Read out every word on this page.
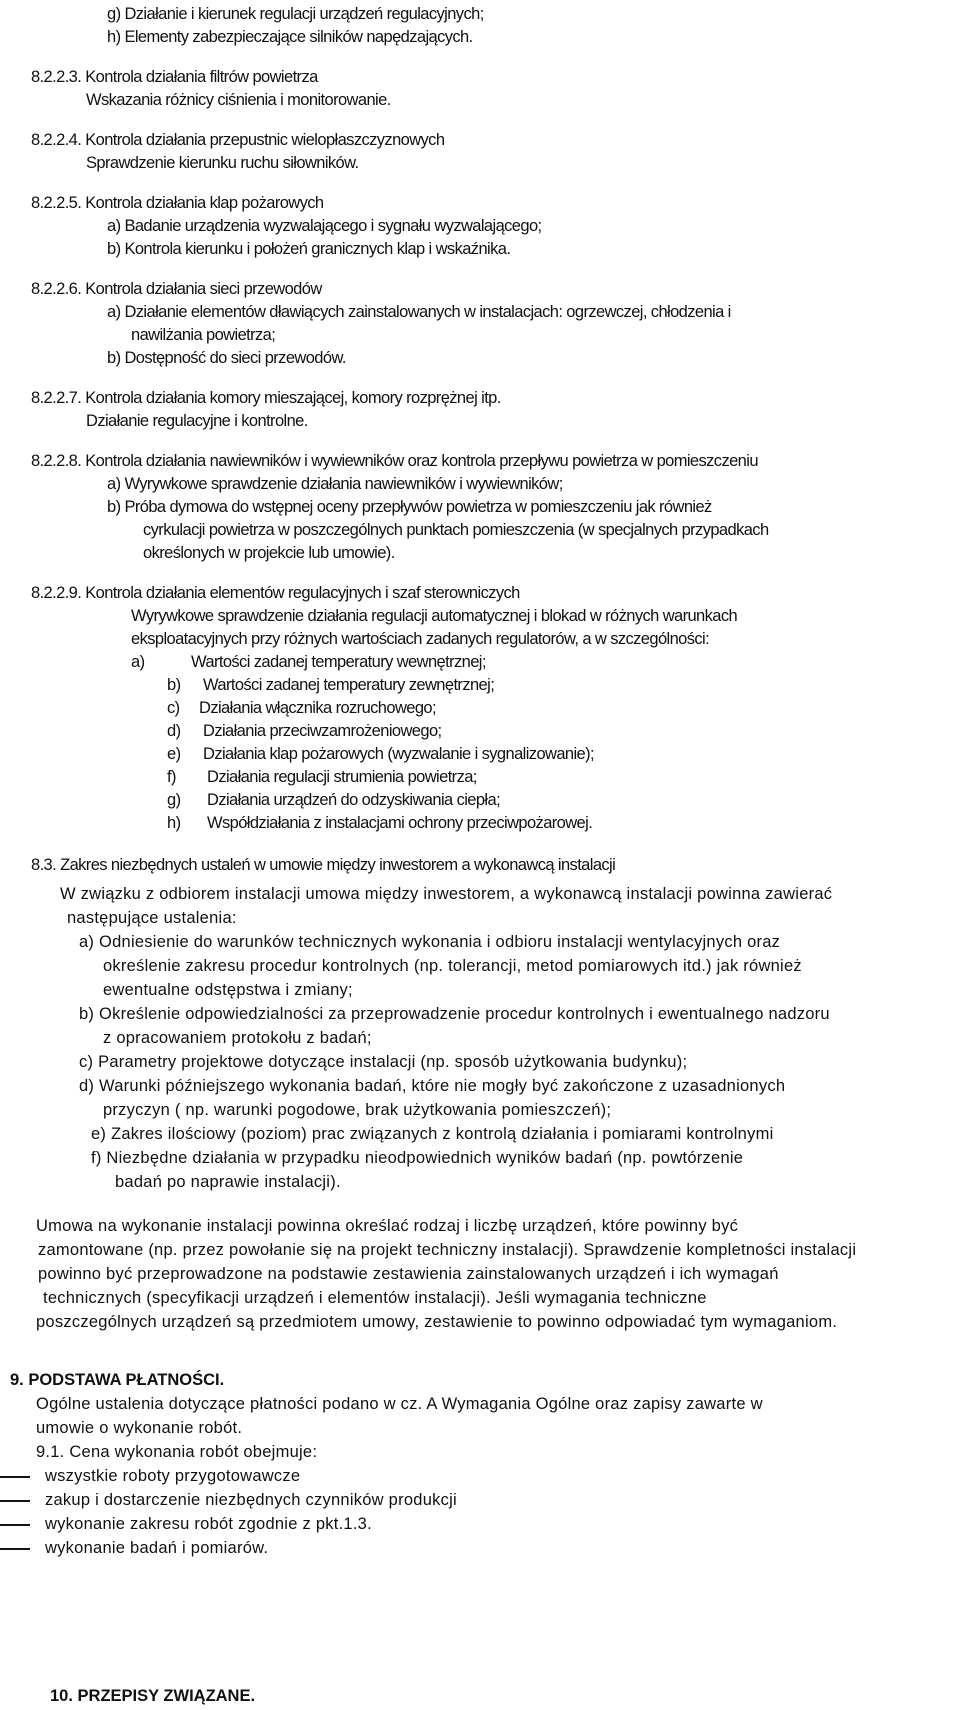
g) Działanie i kierunek regulacji urządzeń regulacyjnych;
h) Elementy zabezpieczające silników napędzających.
8.2.2.3. Kontrola działania filtrów powietrza
Wskazania różnicy ciśnienia i monitorowanie.
8.2.2.4. Kontrola działania przepustnic wielopłaszczyznowych
Sprawdzenie kierunku ruchu siłowników.
8.2.2.5. Kontrola działania klap pożarowych
a) Badanie urządzenia wyzwalającego i sygnału wyzwalającego;
b) Kontrola kierunku i położeń granicznych klap i wskaźnika.
8.2.2.6. Kontrola działania sieci przewodów
a) Działanie elementów dławiących zainstalowanych w instalacjach: ogrzewczej, chłodzenia i
nawilżania powietrza;
b) Dostępność do sieci przewodów.
8.2.2.7. Kontrola działania komory mieszającej, komory rozprężnej itp.
Działanie regulacyjne i kontrolne.
8.2.2.8. Kontrola działania nawiewników i wywiewników oraz kontrola przepływu powietrza w pomieszczeniu
a) Wyrywkowe sprawdzenie działania nawiewników i wywiewników;
b) Próba dymowa do wstępnej oceny przepływów powietrza w pomieszczeniu jak również
cyrkulacji powietrza w poszczególnych punktach pomieszczenia (w specjalnych przypadkach
określonych w projekcie lub umowie).
8.2.2.9. Kontrola działania elementów regulacyjnych i szaf sterowniczych
Wyrywkowe sprawdzenie działania regulacji automatycznej i blokad w różnych warunkach
eksploatacyjnych przy różnych wartościach zadanych regulatorów, a w szczególności:
a)	Wartości zadanej temperatury wewnętrznej;
b) Wartości zadanej temperatury zewnętrznej;
c) Działania włącznika rozruchowego;
d) Działania przeciwzamrożeniowego;
e) Działania klap pożarowych (wyzwalanie i sygnalizowanie);
f) Działania regulacji strumienia powietrza;
g) Działania urządzeń do odzyskiwania ciepła;
h) Współdziałania z instalacjami ochrony przeciwpożarowej.
8.3. Zakres niezbędnych ustaleń w umowie między inwestorem a wykonawcą instalacji
W związku z odbiorem instalacji umowa między inwestorem, a wykonawcą instalacji powinna zawierać
następujące ustalenia:
a) Odniesienie do warunków technicznych wykonania i odbioru instalacji wentylacyjnych oraz
określenie zakresu procedur kontrolnych (np. tolerancji, metod pomiarowych itd.) jak również
ewentualne odstępstwa i zmiany;
b) Określenie odpowiedzialności za przeprowadzenie procedur kontrolnych i ewentualnego nadzoru
z opracowaniem protokołu z badań;
c) Parametry projektowe dotyczące instalacji (np. sposób użytkowania budynku);
d) Warunki późniejszego wykonania badań, które nie mogły być zakończone z uzasadnionych
przyczyn ( np. warunki pogodowe, brak użytkowania pomieszczeń);
e) Zakres ilościowy (poziom) prac związanych z kontrolą działania i pomiarami kontrolnymi
f) Niezbędne działania w przypadku nieodpowiednich wyników badań (np. powtórzenie
badań po naprawie instalacji).
Umowa na wykonanie instalacji powinna określać rodzaj i liczbę urządzeń, które powinny być
zamontowane (np. przez powołanie się na projekt techniczny instalacji). Sprawdzenie kompletności instalacji
powinno być przeprowadzone na podstawie zestawienia zainstalowanych urządzeń i ich wymagań
technicznych (specyfikacji urządzeń i elementów instalacji). Jeśli wymagania techniczne
poszczególnych urządzeń są przedmiotem umowy, zestawienie to powinno odpowiadać tym wymaganiom.
9. PODSTAWA PŁATNOŚCI.
Ogólne ustalenia dotyczące płatności podano w cz. A Wymagania Ogólne oraz zapisy zawarte w
umowie o wykonanie robót.
9.1. Cena wykonania robót obejmuje:
wszystkie roboty przygotowawcze
zakup i dostarczenie niezbędnych czynników produkcji
wykonanie zakresu robót zgodnie z pkt.1.3.
wykonanie badań i pomiarów.
10. PRZEPISY ZWIĄZANE.
